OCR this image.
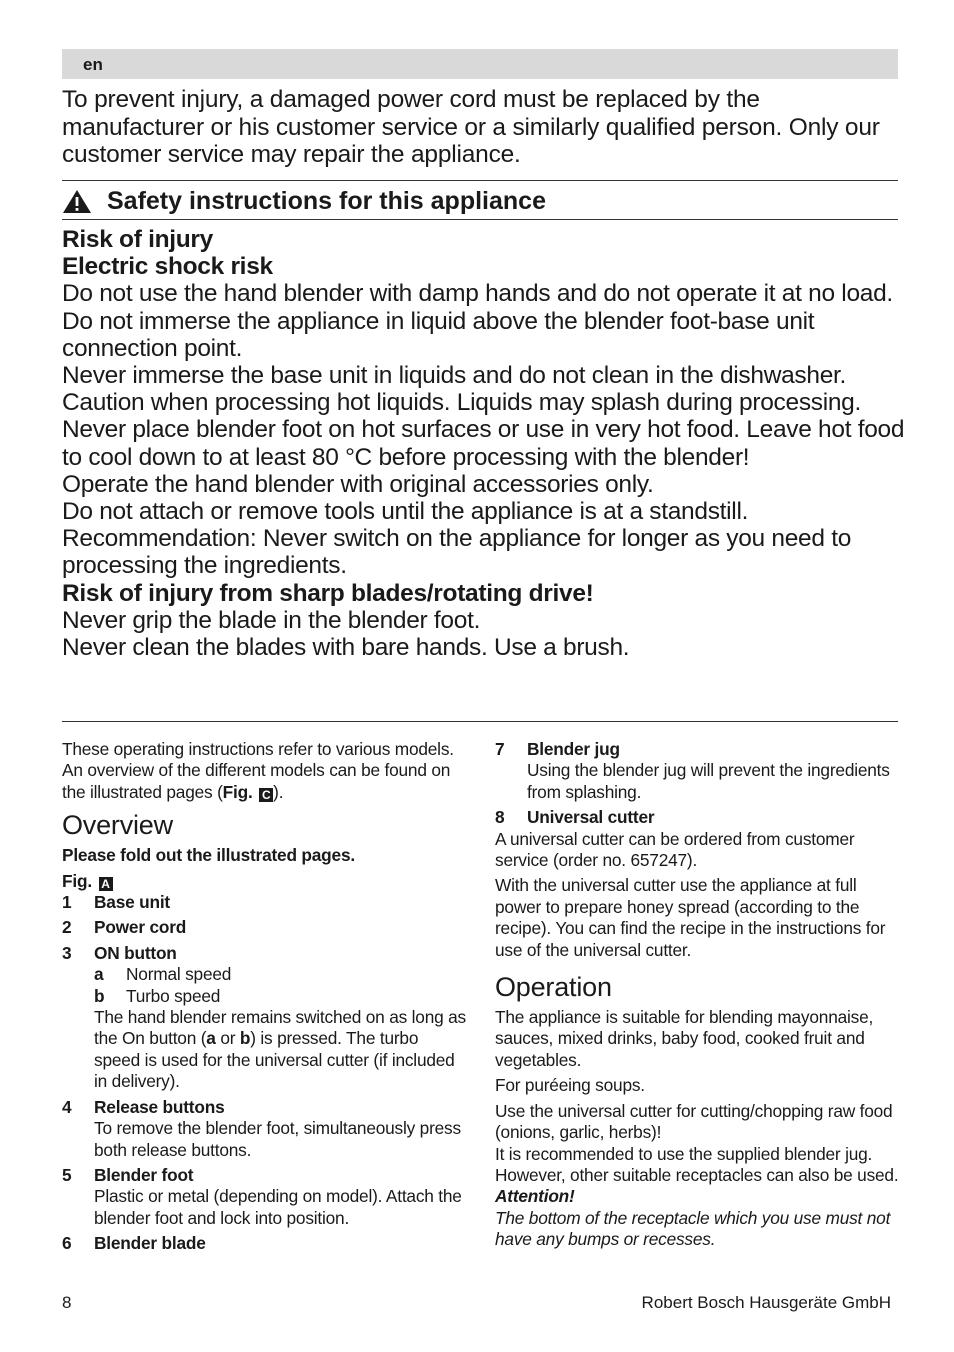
en

To prevent injury, a damaged power cord must be replaced by the manufacturer or his customer service or a similarly qualified person. Only our customer service may repair the appliance.

Safety instructions for this appliance

Risk of injury

Electric shock risk

Do not use the hand blender with damp hands and do not operate it at no load.

Do not immerse the appliance in liquid above the blender foot-base unit connection point.

Never immerse the base unit in liquids and do not clean in the dishwasher.

Caution when processing hot liquids. Liquids may splash during processing.

Never place blender foot on hot surfaces or use in very hot food. Leave hot food to cool down to at least 80 °C before processing with the blender!

Operate the hand blender with original accessories only.

Do not attach or remove tools until the appliance is at a standstill.

Recommendation: Never switch on the appliance for longer as you need to processing the ingredients.

Risk of injury from sharp blades/rotating drive!

Never grip the blade in the blender foot.

Never clean the blades with bare hands. Use a brush.

These operating instructions refer to various models. An overview of the different models can be found on the illustrated pages (Fig. C ).

Overview

Please fold out the illustrated pages.

Fig. A

1 Base unit
2 Power cord
3 ON button
a Normal speed
b Turbo speed

The hand blender remains switched on as long as the On button (a or b) is pressed. The turbo speed is used for the universal cutter (if included in delivery).

4 Release buttons

To remove the blender foot, simultaneously press both release buttons.

5 Blender foot

Plastic or metal (depending on model). Attach the blender foot and lock into position.

6 Blender blade
7 Blender jug

Using the blender jug will prevent the ingredients from splashing.

8 Universal cutter

A universal cutter can be ordered from customer service (order no. 657247).

With the universal cutter use the appliance at full power to prepare honey spread (according to the recipe). You can find the recipe in the instructions for use of the universal cutter.

Operation

The appliance is suitable for blending mayonnaise, sauces, mixed drinks, baby food, cooked fruit and vegetables.

For puréeing soups.

Use the universal cutter for cutting/chopping raw food (onions, garlic, herbs)!

It is recommended to use the supplied blender jug. However, other suitable receptacles can also be used.

Attention!

The bottom of the receptacle which you use must not have any bumps or recesses.

8	Robert Bosch Hausgeräte GmbH
